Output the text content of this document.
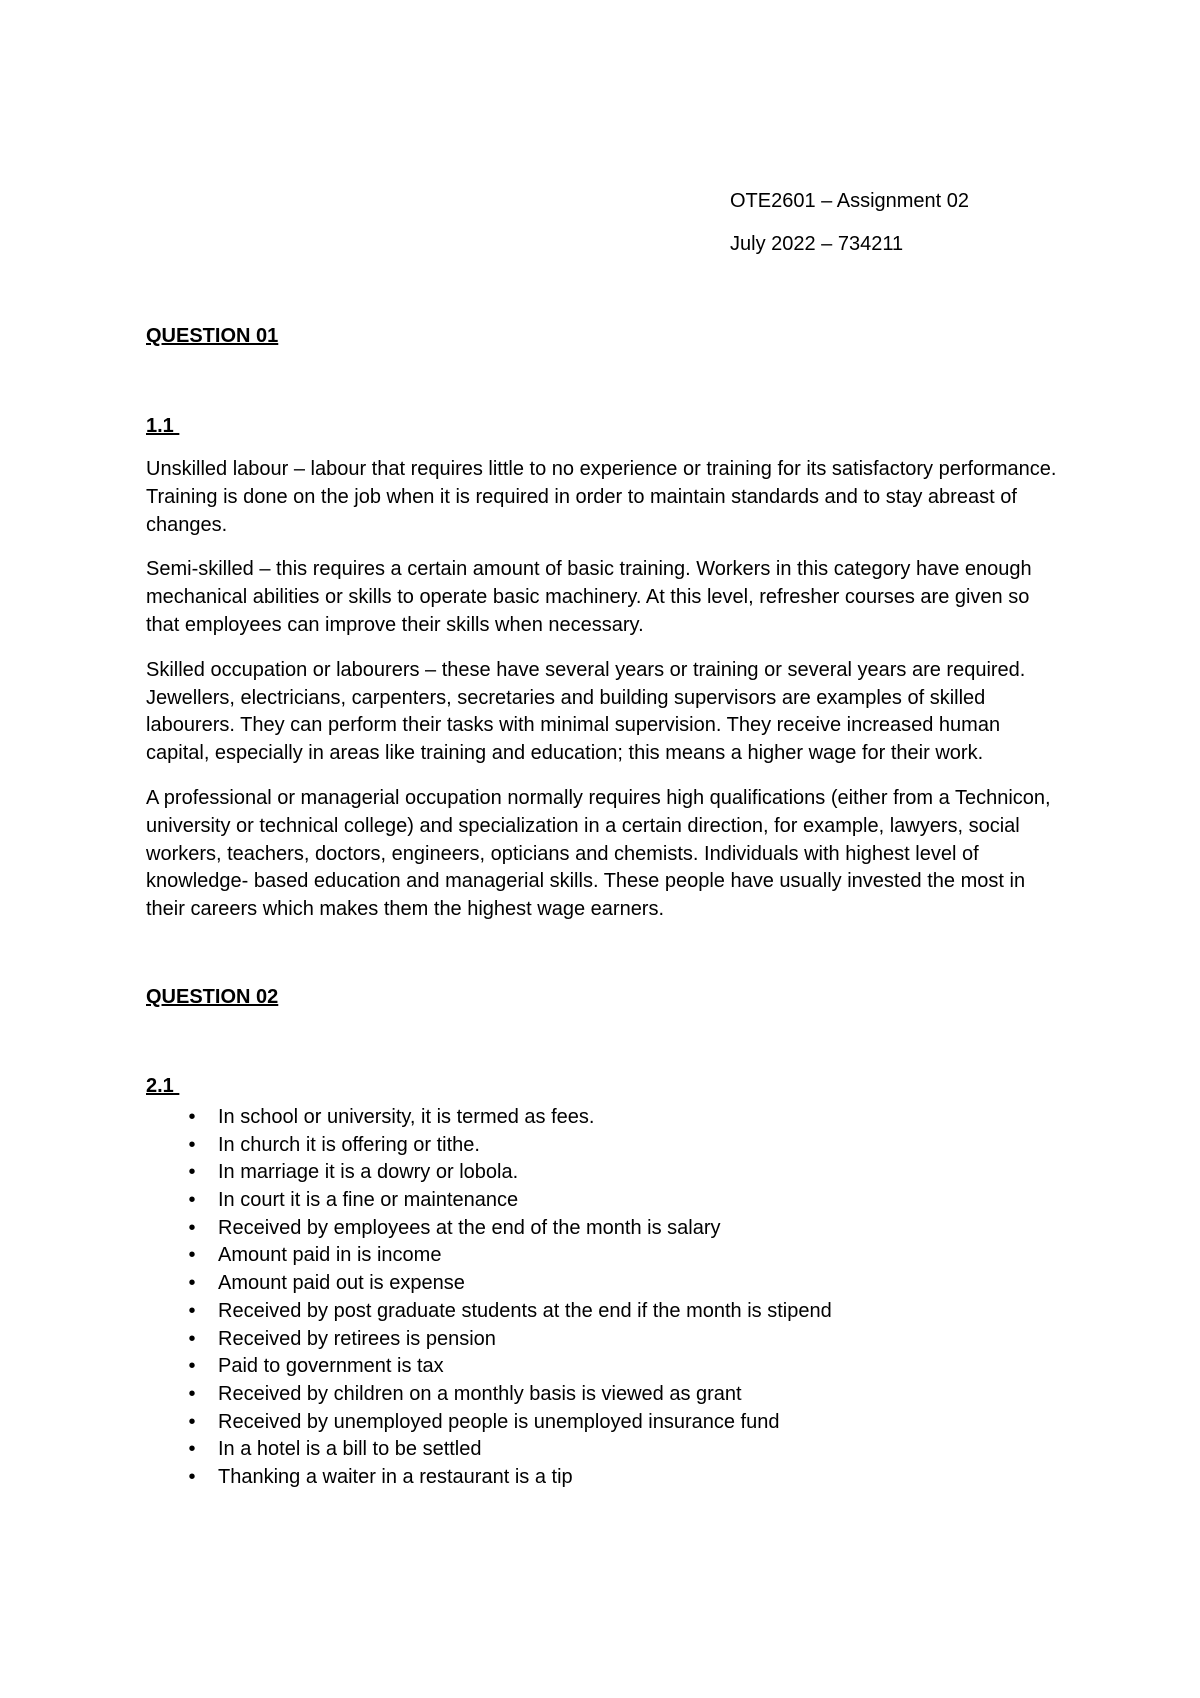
OTE2601 – Assignment 02
July 2022 – 734211

QUESTION 01

1.1

Unskilled labour – labour that requires little to no experience or training for its satisfactory performance. Training is done on the job when it is required in order to maintain standards and to stay abreast of changes.

Semi-skilled – this requires a certain amount of basic training. Workers in this category have enough mechanical abilities or skills to operate basic machinery. At this level, refresher courses are given so that employees can improve their skills when necessary.

Skilled occupation or labourers – these have several years or training or several years are required. Jewellers, electricians, carpenters, secretaries and building supervisors are examples of skilled labourers. They can perform their tasks with minimal supervision. They receive increased human capital, especially in areas like training and education; this means a higher wage for their work.

A professional or managerial occupation normally requires high qualifications (either from a Technicon, university or technical college) and specialization in a certain direction, for example, lawyers, social workers, teachers, doctors, engineers, opticians and chemists. Individuals with highest level of knowledge- based education and managerial skills. These people have usually invested the most in their careers which makes them the highest wage earners.

QUESTION 02

2.1

• In school or university, it is termed as fees.
• In church it is offering or tithe.
• In marriage it is a dowry or lobola.
• In court it is a fine or maintenance
• Received by employees at the end of the month is salary
• Amount paid in is income
• Amount paid out is expense
• Received by post graduate students at the end if the month is stipend
• Received by retirees is pension
• Paid to government is tax
• Received by children on a monthly basis is viewed as grant
• Received by unemployed people is unemployed insurance fund
• In a hotel is a bill to be settled
• Thanking a waiter in a restaurant is a tip
